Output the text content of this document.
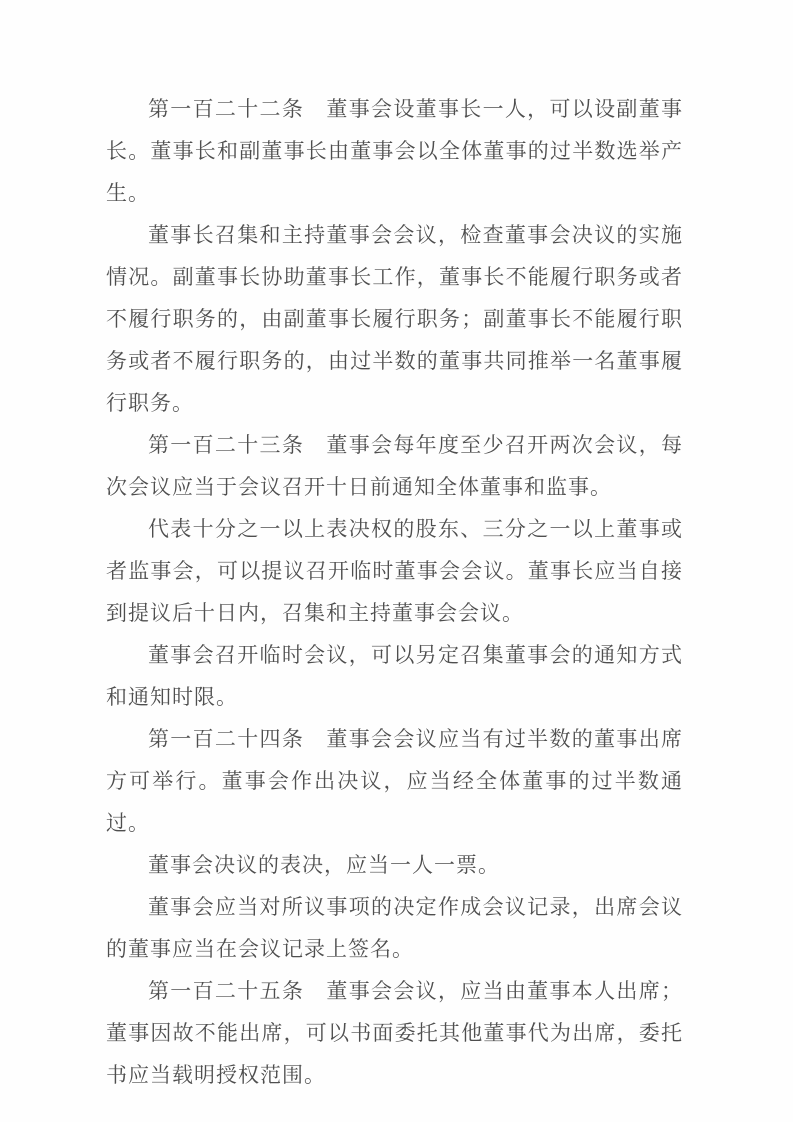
第一百二十二条　董事会设董事长一人，可以设副董事长。董事长和副董事长由董事会以全体董事的过半数选举产生。

董事长召集和主持董事会会议，检查董事会决议的实施情况。副董事长协助董事长工作，董事长不能履行职务或者不履行职务的，由副董事长履行职务；副董事长不能履行职务或者不履行职务的，由过半数的董事共同推举一名董事履行职务。

第一百二十三条　董事会每年度至少召开两次会议，每次会议应当于会议召开十日前通知全体董事和监事。

代表十分之一以上表决权的股东、三分之一以上董事或者监事会，可以提议召开临时董事会会议。董事长应当自接到提议后十日内，召集和主持董事会会议。

董事会召开临时会议，可以另定召集董事会的通知方式和通知时限。

第一百二十四条　董事会会议应当有过半数的董事出席方可举行。董事会作出决议，应当经全体董事的过半数通过。

董事会决议的表决，应当一人一票。

董事会应当对所议事项的决定作成会议记录，出席会议的董事应当在会议记录上签名。

第一百二十五条　董事会会议，应当由董事本人出席；董事因故不能出席，可以书面委托其他董事代为出席，委托书应当载明授权范围。
